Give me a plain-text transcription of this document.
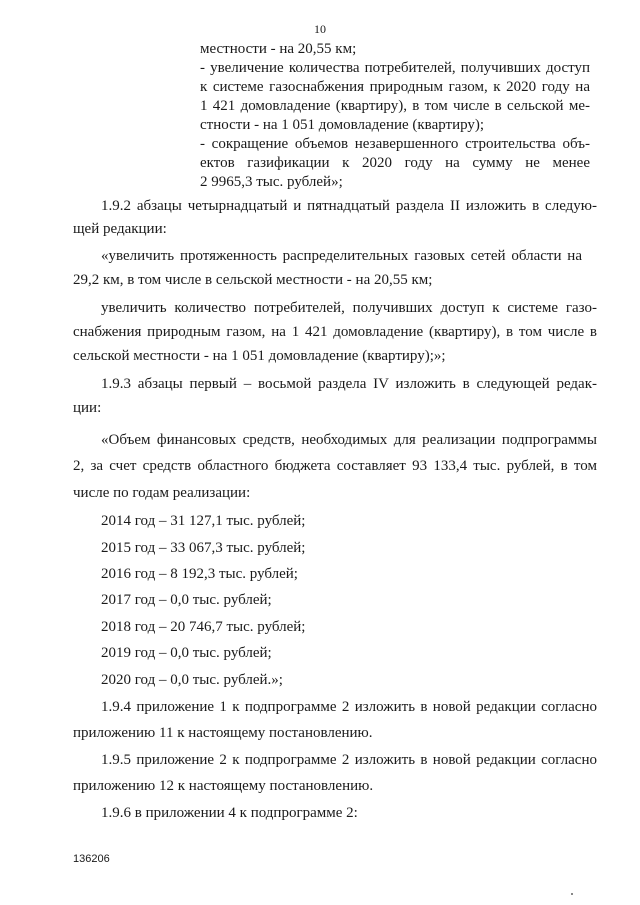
10
местности - на 20,55 км;
- увеличение количества потребителей, получивших доступ
к системе газоснабжения природным газом, к 2020 году на
1 421 домовладение (квартиру), в том числе в сельской ме-
стности - на 1 051 домовладение (квартиру);
- сокращение объемов незавершенного строительства объ-
ектов газификации к 2020 году на сумму не менее
2 9965,3 тыс. рублей»;
1.9.2 абзацы четырнадцатый и пятнадцатый раздела II изложить в следую-
щей редакции:
«увеличить протяженность распределительных газовых сетей области на
29,2 км, в том числе в сельской местности - на 20,55 км;
увеличить количество потребителей, получивших доступ к системе газо-
снабжения природным газом, на 1 421 домовладение (квартиру), в том числе в
сельской местности - на 1 051 домовладение (квартиру);»;
1.9.3 абзацы первый – восьмой раздела IV изложить в следующей редак-
ции:
«Объем финансовых средств, необходимых для реализации подпрограммы
2, за счет средств областного бюджета составляет 93 133,4 тыс. рублей, в том
числе по годам реализации:
2014 год – 31 127,1 тыс. рублей;
2015 год – 33 067,3 тыс. рублей;
2016 год – 8 192,3 тыс. рублей;
2017 год – 0,0 тыс. рублей;
2018 год – 20 746,7 тыс. рублей;
2019 год – 0,0 тыс. рублей;
2020 год – 0,0 тыс. рублей.»;
1.9.4 приложение 1 к подпрограмме 2 изложить в новой редакции согласно
приложению 11 к настоящему постановлению.
1.9.5 приложение 2 к подпрограмме 2 изложить в новой редакции согласно
приложению 12 к настоящему постановлению.
1.9.6 в приложении 4 к подпрограмме 2:
136206
